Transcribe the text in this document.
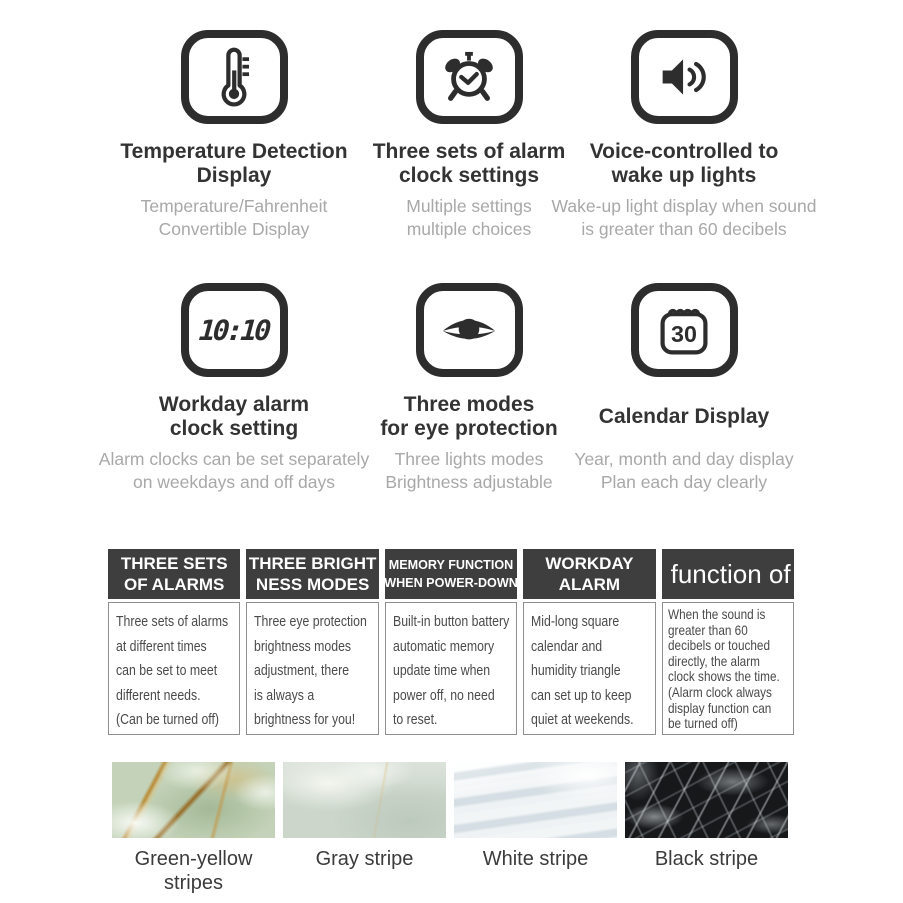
Temperature Detection
Display
Temperature/Fahrenheit
Convertible Display
Three sets of alarm
clock settings
Multiple settings
multiple choices
Voice-controlled to
wake up lights
Wake-up light display when sound
is greater than 60 decibels
10:10
Workday alarm
clock setting
Alarm clocks can be set separately
on weekdays and off days
Three modes
for eye protection
Three lights modes
Brightness adjustable
30
Calendar Display
Year, month and day display
Plan each day clearly
THREE SETS
OF ALARMS
Three sets of alarms
at different times
can be set to meet
different needs.
(Can be turned off)
THREE BRIGHT
NESS MODES
Three eye protection
brightness modes
adjustment, there
is always a
brightness for you!
MEMORY FUNCTION
WHEN POWER-DOWN
Built-in button battery
automatic memory
update time when
power off, no need
to reset.
WORKDAY
ALARM
Mid-long square
calendar and
humidity triangle
can set up to keep
quiet at weekends.
function of
When the sound is
greater than 60
decibels or touched
directly, the alarm
clock shows the time.
(Alarm clock always
display function can
be turned off)
Green-yellow
stripes
Gray stripe	White stripe	Black stripe
